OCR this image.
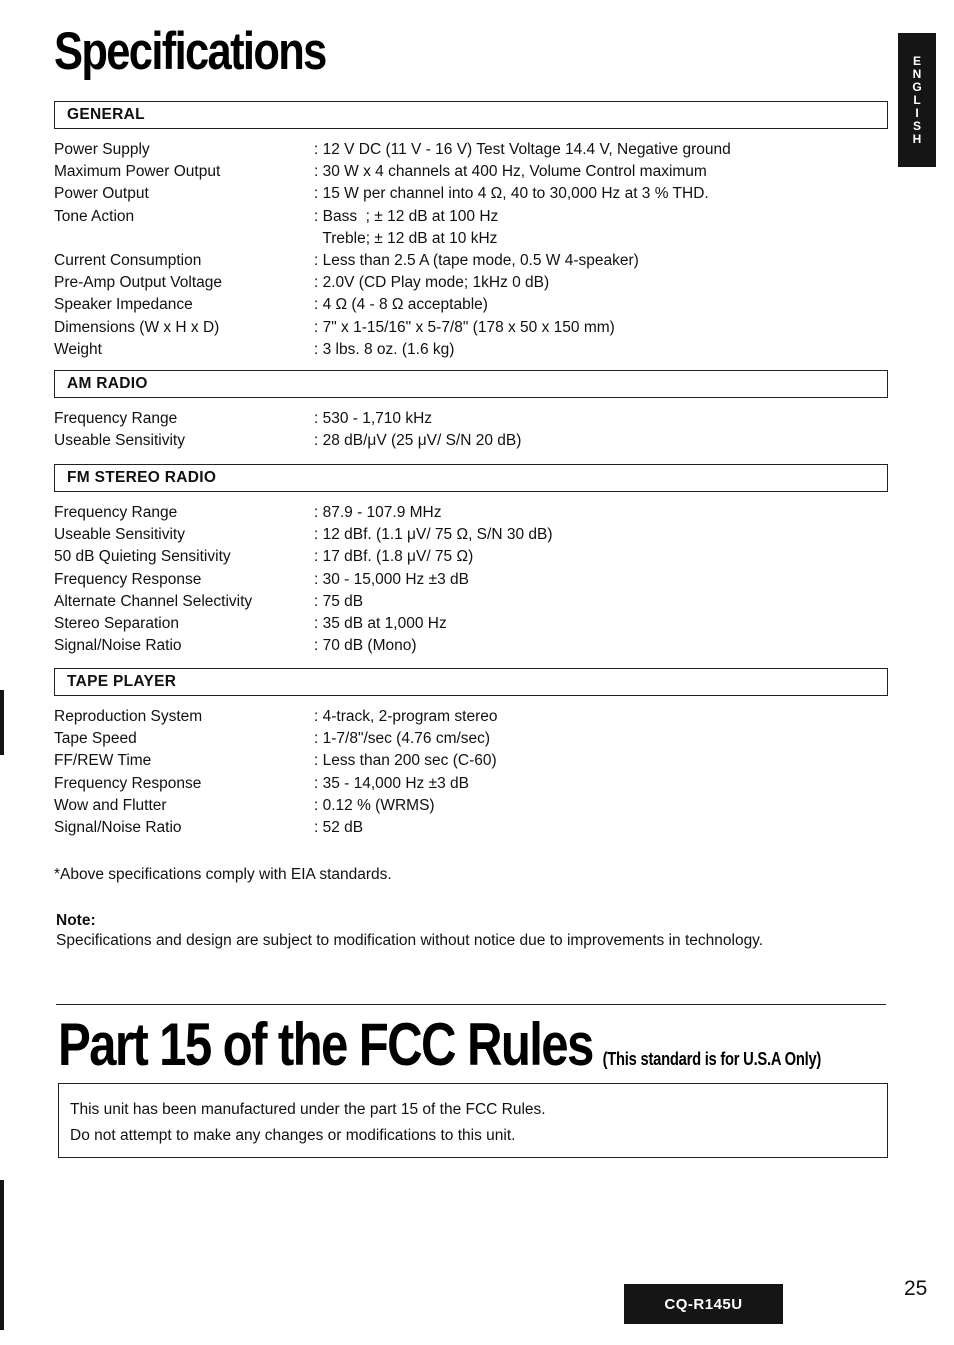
Specifications	E
N
G
L
I
S
H
GENERAL
Power Supply	: 12 V DC (11 V - 16 V) Test Voltage 14.4 V, Negative ground
Maximum Power Output	: 30 W x 4 channels at 400 Hz, Volume Control maximum
Power Output	: 15 W per channel into 4 Ω, 40 to 30,000 Hz at 3 % THD.
Tone Action	: Bass  ; ± 12 dB at 100 Hz
Treble; ± 12 dB at 10 kHz
Current Consumption	: Less than 2.5 A (tape mode, 0.5 W 4-speaker)
Pre-Amp Output Voltage	: 2.0V (CD Play mode; 1kHz 0 dB)
Speaker Impedance	: 4 Ω (4 - 8 Ω acceptable)
Dimensions (W x H x D)	: 7" x 1-15/16" x 5-7/8" (178 x 50 x 150 mm)
Weight	: 3 lbs. 8 oz. (1.6 kg)
AM RADIO
Frequency Range	: 530 - 1,710 kHz
Useable Sensitivity	: 28 dB/μV (25 μV/ S/N 20 dB)
FM STEREO RADIO
Frequency Range	: 87.9 - 107.9 MHz
Useable Sensitivity	: 12 dBf. (1.1 μV/ 75 Ω, S/N 30 dB)
50 dB Quieting Sensitivity	: 17 dBf. (1.8 μV/ 75 Ω)
Frequency Response	: 30 - 15,000 Hz ±3 dB
Alternate Channel Selectivity	: 75 dB
Stereo Separation	: 35 dB at 1,000 Hz
Signal/Noise Ratio	: 70 dB (Mono)
TAPE PLAYER
Reproduction System	: 4-track, 2-program stereo
Tape Speed	: 1-7/8"/sec (4.76 cm/sec)
FF/REW Time	: Less than 200 sec (C-60)
Frequency Response	: 35 - 14,000 Hz ±3 dB
Wow and Flutter	: 0.12 % (WRMS)
Signal/Noise Ratio	: 52 dB
*Above specifications comply with EIA standards.
Note:
Specifications and design are subject to modification without notice due to improvements in technology.
Part 15 of the FCC Rules (This standard is for U.S.A Only)

This unit has been manufactured under the part 15 of the FCC Rules.

Do not attempt to make any changes or modifications to this unit.

CQ-R145U
25
